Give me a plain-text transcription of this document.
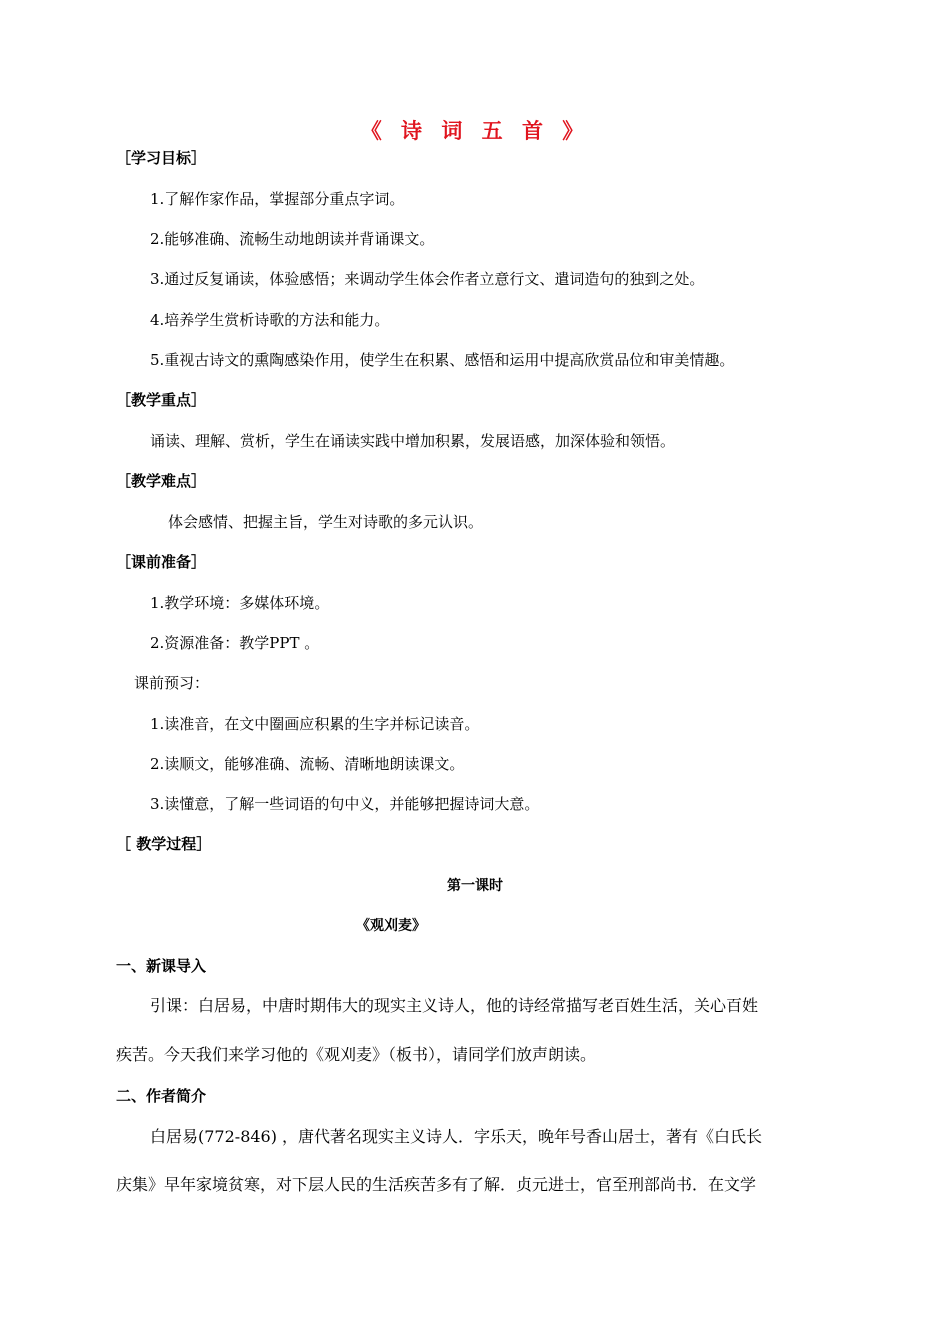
《 诗 词 五 首 》
［学习目标］
1.了解作家作品，掌握部分重点字词。
2.能够准确、流畅生动地朗读并背诵课文。
3.通过反复诵读，体验感悟；来调动学生体会作者立意行文、遣词造句的独到之处。
4.培养学生赏析诗歌的方法和能力。
5.重视古诗文的熏陶感染作用，使学生在积累、感悟和运用中提高欣赏品位和审美情趣。
［教学重点］
诵读、理解、赏析，学生在诵读实践中增加积累，发展语感，加深体验和领悟。
［教学难点］
体会感情、把握主旨，学生对诗歌的多元认识。
［课前准备］
1.教学环境：多媒体环境。
2.资源准备：教学PPT 。
课前预习：
1.读准音，在文中圈画应积累的生字并标记读音。
2.读顺文，能够准确、流畅、清晰地朗读课文。
3.读懂意，了解一些词语的句中义，并能够把握诗词大意。
［ 教学过程］
第一课时
《观刈麦》
一、新课导入
引课：白居易，中唐时期伟大的现实主义诗人，他的诗经常描写老百姓生活，关心百姓
疾苦。今天我们来学习他的《观刈麦》（板书），请同学们放声朗读。
二、作者简介
白居易(772-846) ，唐代著名现实主义诗人．字乐天，晚年号香山居士，著有《白氏长
庆集》早年家境贫寒，对下层人民的生活疾苦多有了解．贞元进士，官至刑部尚书．在文学
